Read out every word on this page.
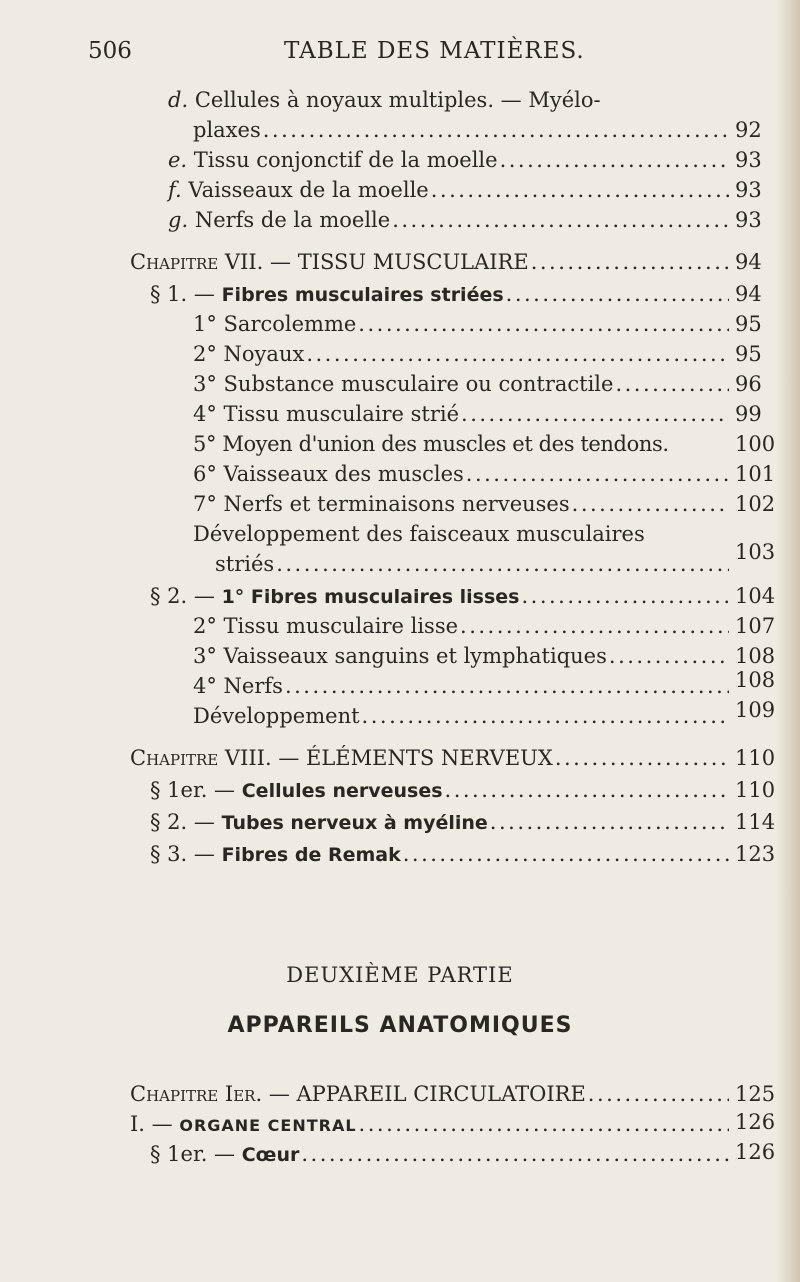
506	TABLE DES MATIÈRES.
d. Cellules à noyaux multiples. — Myélo-
plaxes .....	92
e. Tissu conjonctif de la moelle .....	93
f. Vaisseaux de la moelle .....	93
g. Nerfs de la moelle .....	93
Chapitre VII. — TISSU MUSCULAIRE .....	94
§ 1. — Fibres musculaires striées .....	94
1° Sarcolemme .....	95
2° Noyaux .....	95
3° Substance musculaire ou contractile .....	96
4° Tissu musculaire strié .....	99
5° Moyen d'union des muscles et des tendons.	100
6° Vaisseaux des muscles .....	101
7° Nerfs et terminaisons nerveuses .....	102
Développement des faisceaux musculaires
striés .....	103
§ 2. — 1° Fibres musculaires lisses .....	104
2° Tissu musculaire lisse .....	107
3° Vaisseaux sanguins et lymphatiques .....	108
4° Nerfs .....	108
Développement .....	109
Chapitre VIII. — ÉLÉMENTS NERVEUX .....	110
§ 1er. — Cellules nerveuses .....	110
§ 2. — Tubes nerveux à myéline .....	114
§ 3. — Fibres de Remak .....	123
DEUXIÈME PARTIE
APPAREILS ANATOMIQUES
Chapitre Ier. — APPAREIL CIRCULATOIRE .....	125
I. — ORGANE CENTRAL .....	126
§ 1er. — Cœur .....	126
